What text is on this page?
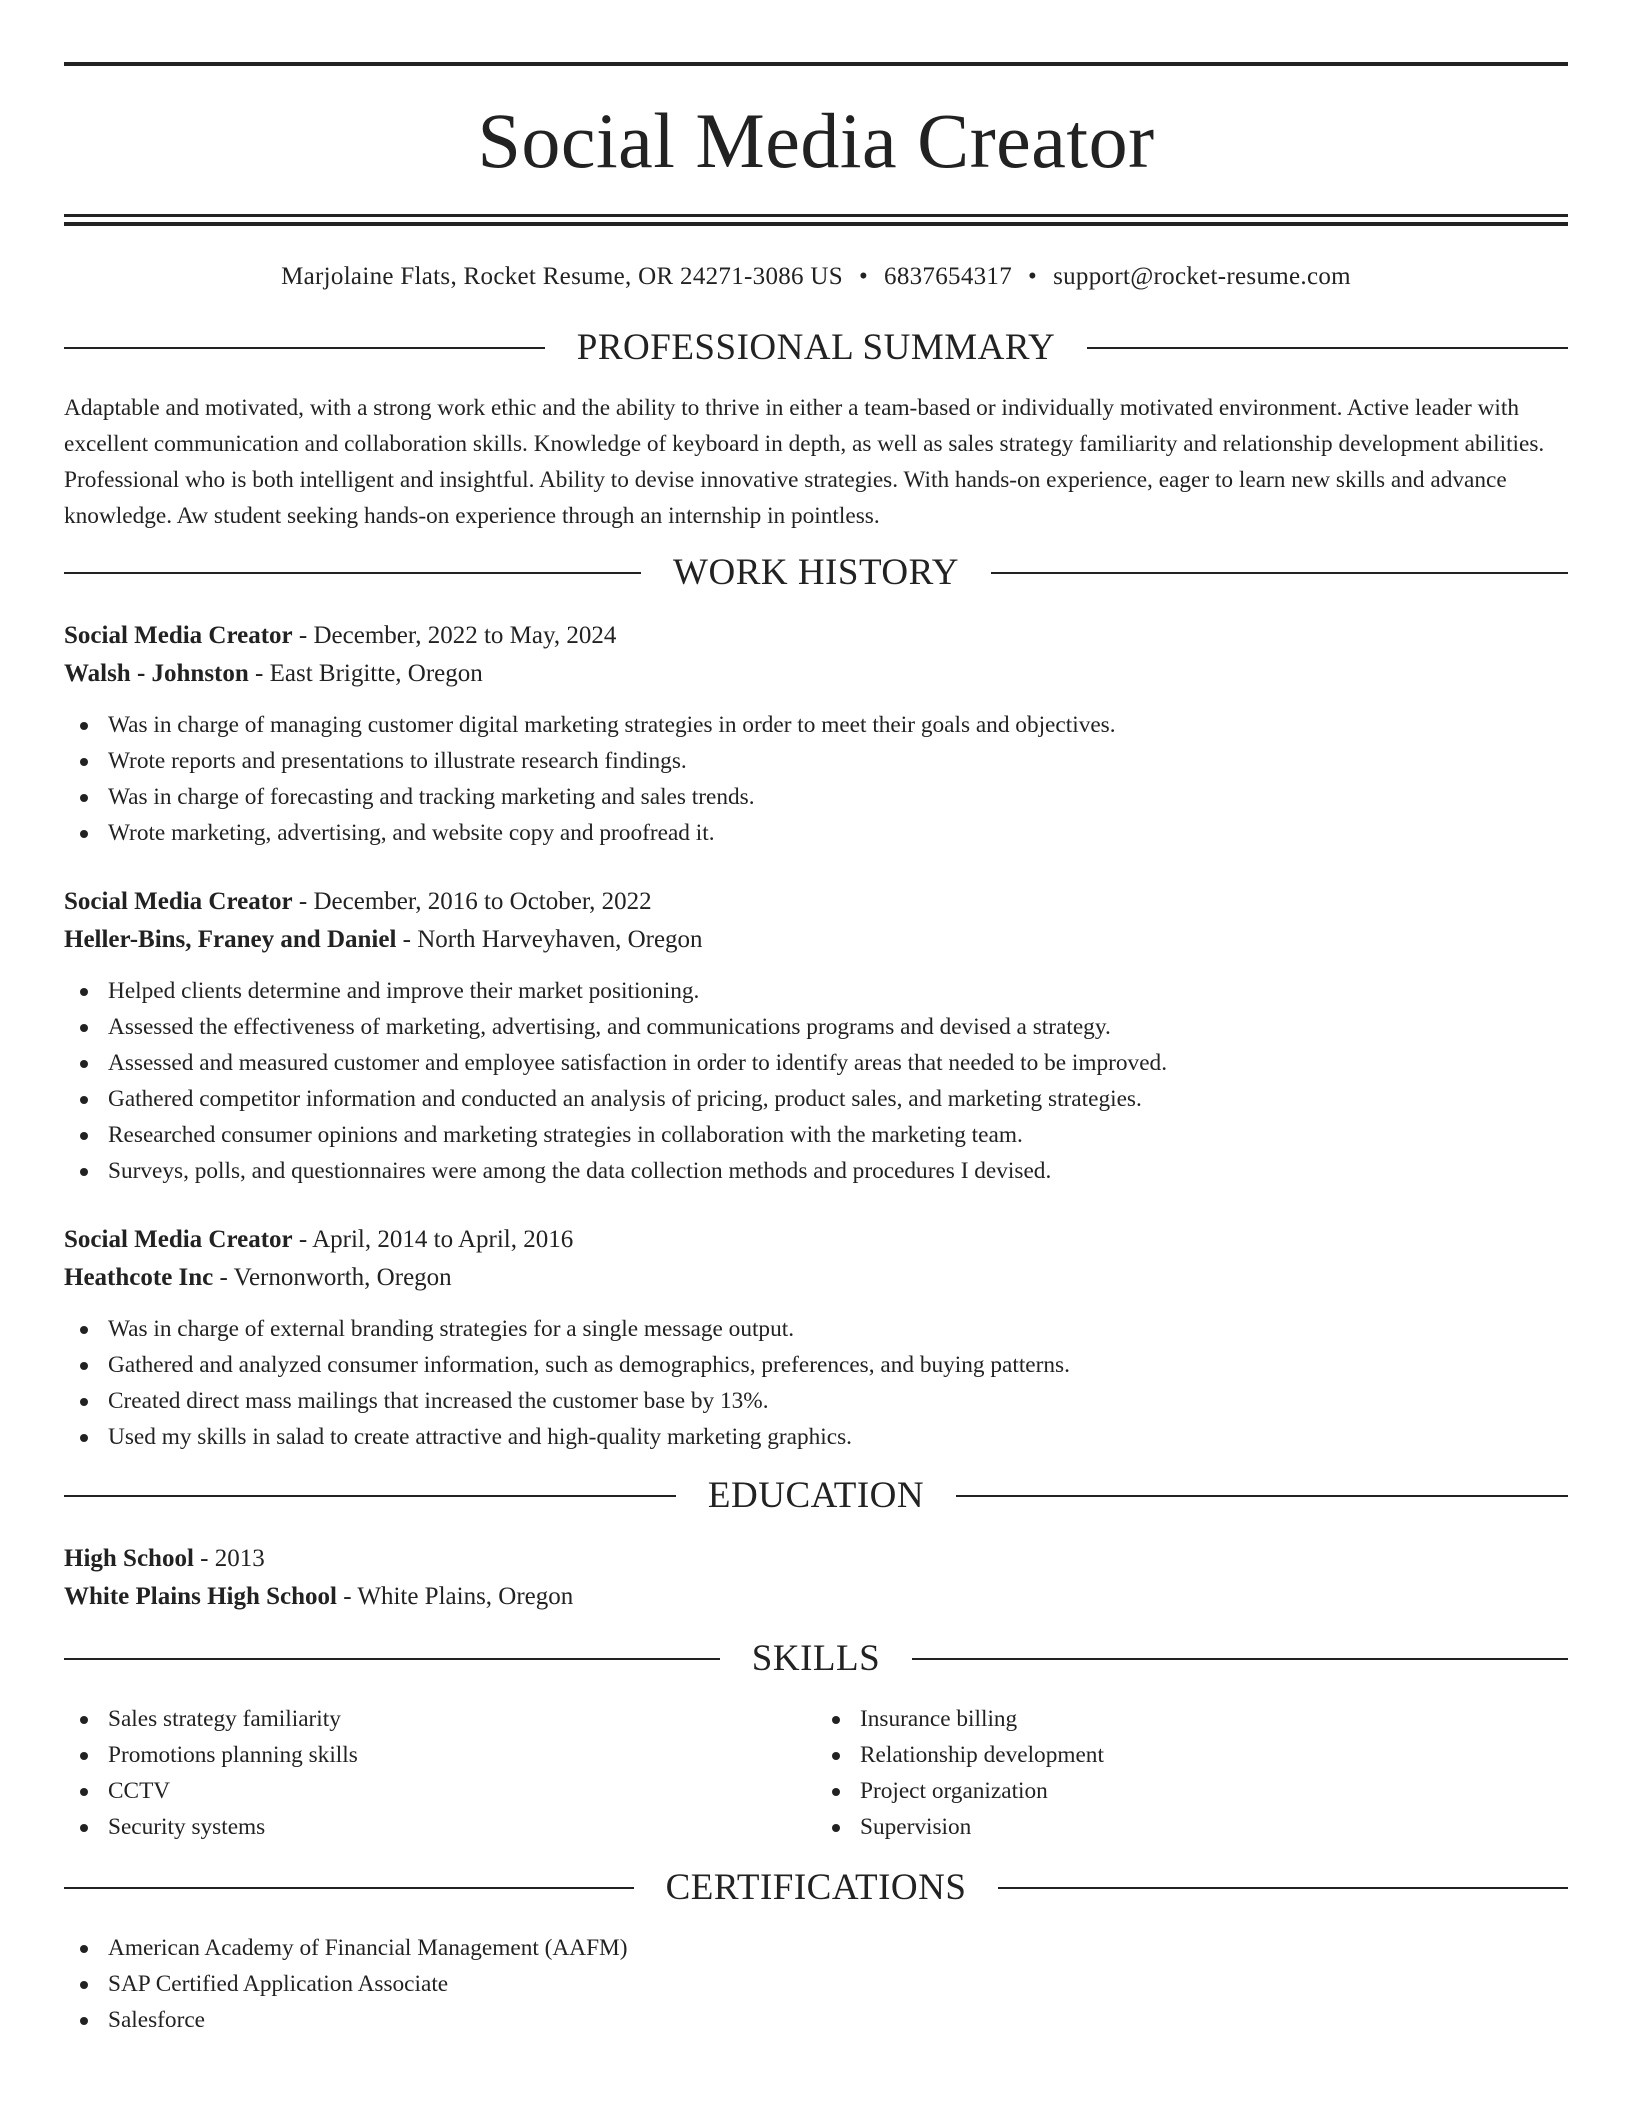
Social Media Creator
Marjolaine Flats, Rocket Resume, OR 24271-3086 US • 6837654317 • support@rocket-resume.com
PROFESSIONAL SUMMARY

Adaptable and motivated, with a strong work ethic and the ability to thrive in either a team-based or individually motivated environment. Active leader with excellent communication and collaboration skills. Knowledge of keyboard in depth, as well as sales strategy familiarity and relationship development abilities. Professional who is both intelligent and insightful. Ability to devise innovative strategies. With hands-on experience, eager to learn new skills and advance knowledge. Aw student seeking hands-on experience through an internship in pointless.

WORK HISTORY
Social Media Creator - December, 2022 to May, 2024
Walsh - Johnston - East Brigitte, Oregon
Was in charge of managing customer digital marketing strategies in order to meet their goals and objectives.
Wrote reports and presentations to illustrate research findings.
Was in charge of forecasting and tracking marketing and sales trends.
Wrote marketing, advertising, and website copy and proofread it.
Social Media Creator - December, 2016 to October, 2022
Heller-Bins, Franey and Daniel - North Harveyhaven, Oregon
Helped clients determine and improve their market positioning.
Assessed the effectiveness of marketing, advertising, and communications programs and devised a strategy.
Assessed and measured customer and employee satisfaction in order to identify areas that needed to be improved.
Gathered competitor information and conducted an analysis of pricing, product sales, and marketing strategies.
Researched consumer opinions and marketing strategies in collaboration with the marketing team.
Surveys, polls, and questionnaires were among the data collection methods and procedures I devised.
Social Media Creator - April, 2014 to April, 2016
Heathcote Inc - Vernonworth, Oregon
Was in charge of external branding strategies for a single message output.
Gathered and analyzed consumer information, such as demographics, preferences, and buying patterns.
Created direct mass mailings that increased the customer base by 13%.
Used my skills in salad to create attractive and high-quality marketing graphics.
EDUCATION
High School - 2013
White Plains High School - White Plains, Oregon
SKILLS
Sales strategy familiarity
Promotions planning skills
CCTV
Security systems
Insurance billing
Relationship development
Project organization
Supervision
CERTIFICATIONS
American Academy of Financial Management (AAFM)
SAP Certified Application Associate
Salesforce
